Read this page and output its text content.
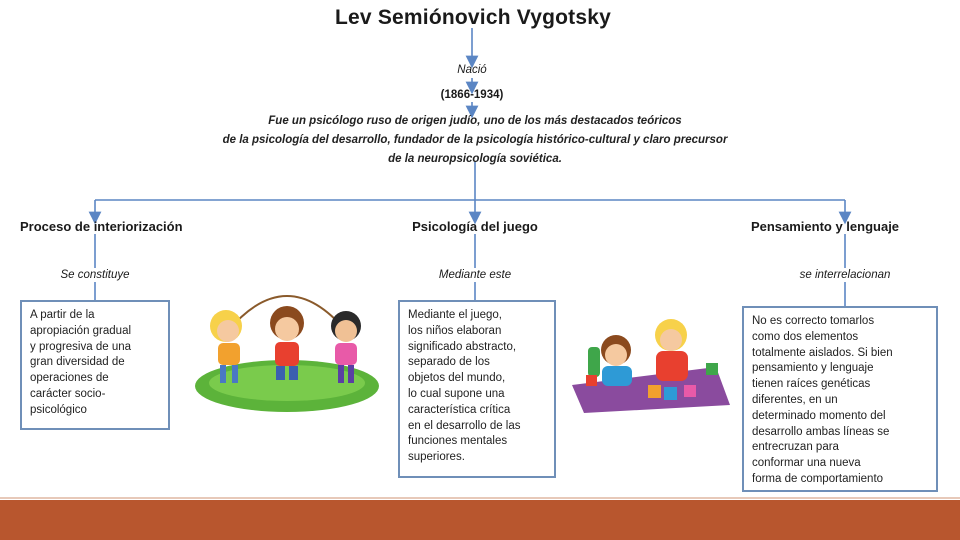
Lev Semiónovich Vygotsky
Nació
(1866-1934)
Fue un psicólogo ruso de origen judío, uno de los más destacados teóricos
de la psicología del desarrollo, fundador de la psicología histórico-cultural y claro precursor
de la neuropsicología soviética.
Proceso de interiorización	Psicología del juego	Pensamiento y lenguaje
Se constituye	Mediante este	se interrelacionan
A partir de la
apropiación gradual
y progresiva de una
gran diversidad de
operaciones de
carácter socio-
psicológico
Mediante el juego,
los niños elaboran
significado abstracto,
separado de los
objetos del mundo,
lo cual supone una
característica crítica
en el desarrollo de las
funciones mentales
superiores.
No es correcto tomarlos
como dos elementos
totalmente aislados. Si bien
pensamiento y lenguaje
tienen raíces genéticas
diferentes, en un
determinado momento del
desarrollo ambas líneas se
entrecruzan para
conformar una nueva
forma de comportamiento
